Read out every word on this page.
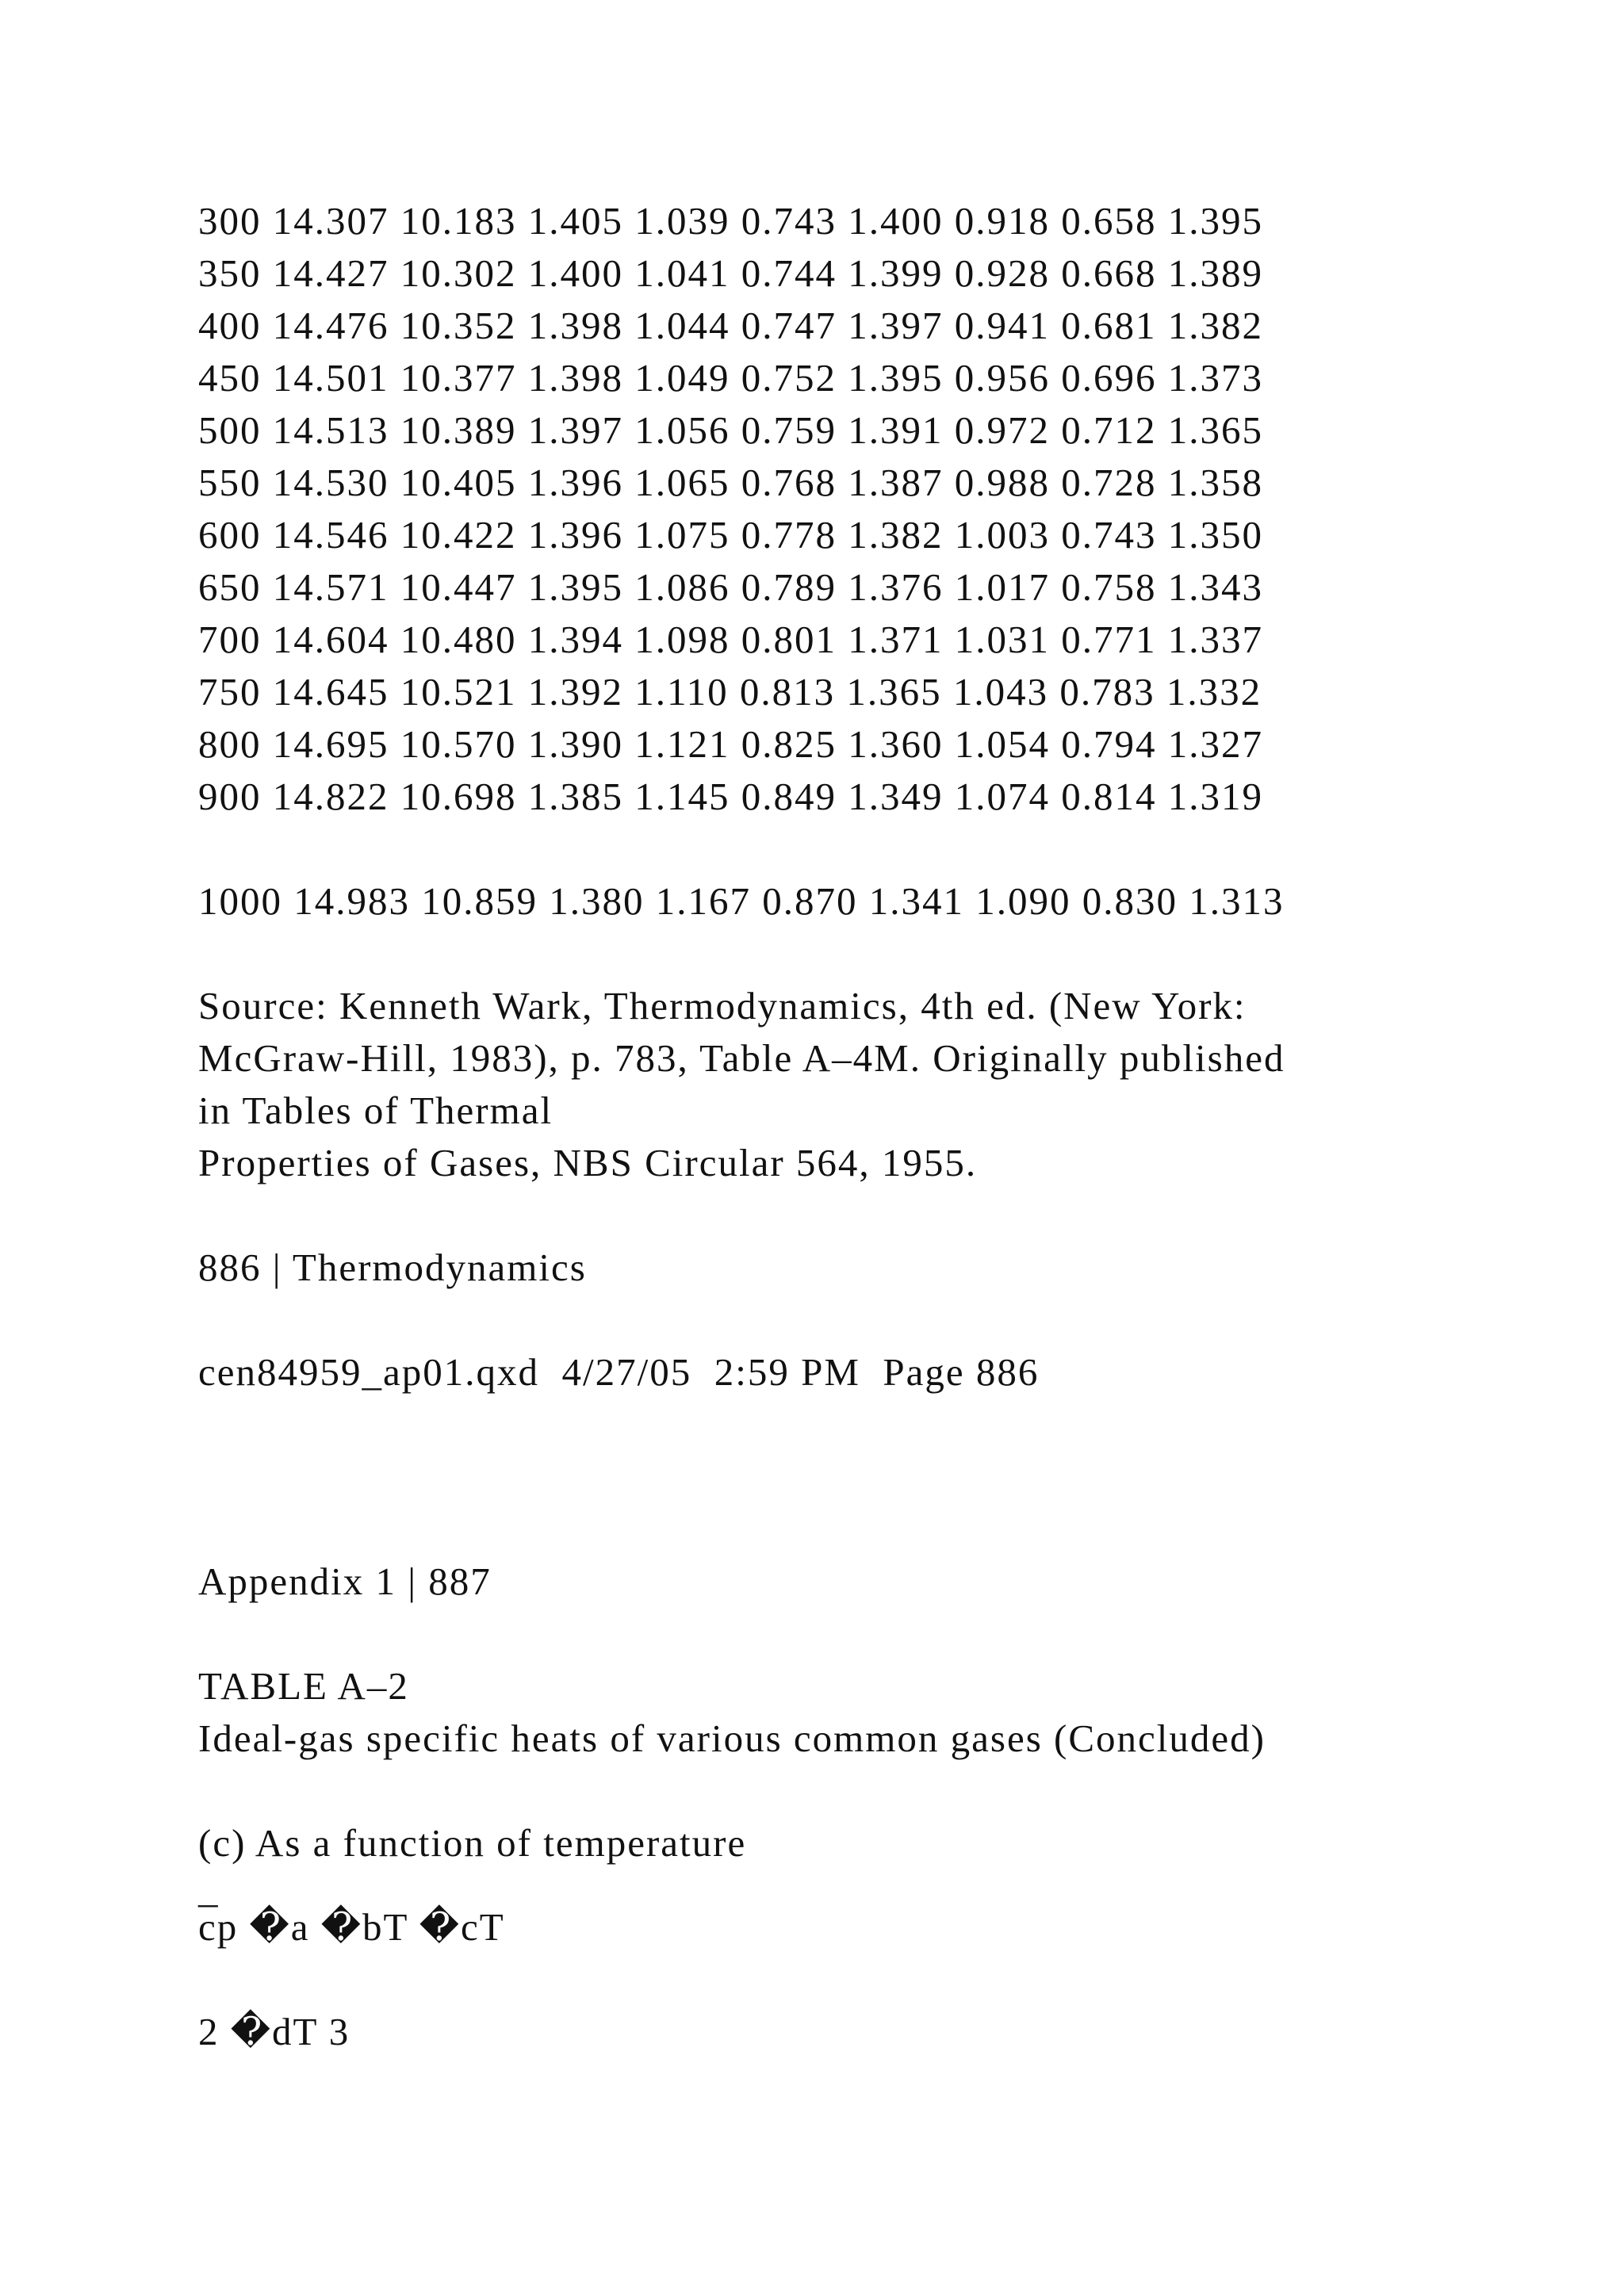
300 14.307 10.183 1.405 1.039 0.743 1.400 0.918 0.658 1.395
350 14.427 10.302 1.400 1.041 0.744 1.399 0.928 0.668 1.389
400 14.476 10.352 1.398 1.044 0.747 1.397 0.941 0.681 1.382
450 14.501 10.377 1.398 1.049 0.752 1.395 0.956 0.696 1.373
500 14.513 10.389 1.397 1.056 0.759 1.391 0.972 0.712 1.365
550 14.530 10.405 1.396 1.065 0.768 1.387 0.988 0.728 1.358
600 14.546 10.422 1.396 1.075 0.778 1.382 1.003 0.743 1.350
650 14.571 10.447 1.395 1.086 0.789 1.376 1.017 0.758 1.343
700 14.604 10.480 1.394 1.098 0.801 1.371 1.031 0.771 1.337
750 14.645 10.521 1.392 1.110 0.813 1.365 1.043 0.783 1.332
800 14.695 10.570 1.390 1.121 0.825 1.360 1.054 0.794 1.327
900 14.822 10.698 1.385 1.145 0.849 1.349 1.074 0.814 1.319
1000 14.983 10.859 1.380 1.167 0.870 1.341 1.090 0.830 1.313
Source: Kenneth Wark, Thermodynamics, 4th ed. (New York:
McGraw-Hill, 1983), p. 783, Table A–4M. Originally published
in Tables of Thermal
Properties of Gases, NBS Circular 564, 1955.
886 | Thermodynamics
cen84959_ap01.qxd  4/27/05  2:59 PM  Page 886
Appendix 1 | 887
TABLE A–2
Ideal-gas specific heats of various common gases (Concluded)
(c) As a function of temperature
_
cp �a �bT �cT
2 �dT 3
